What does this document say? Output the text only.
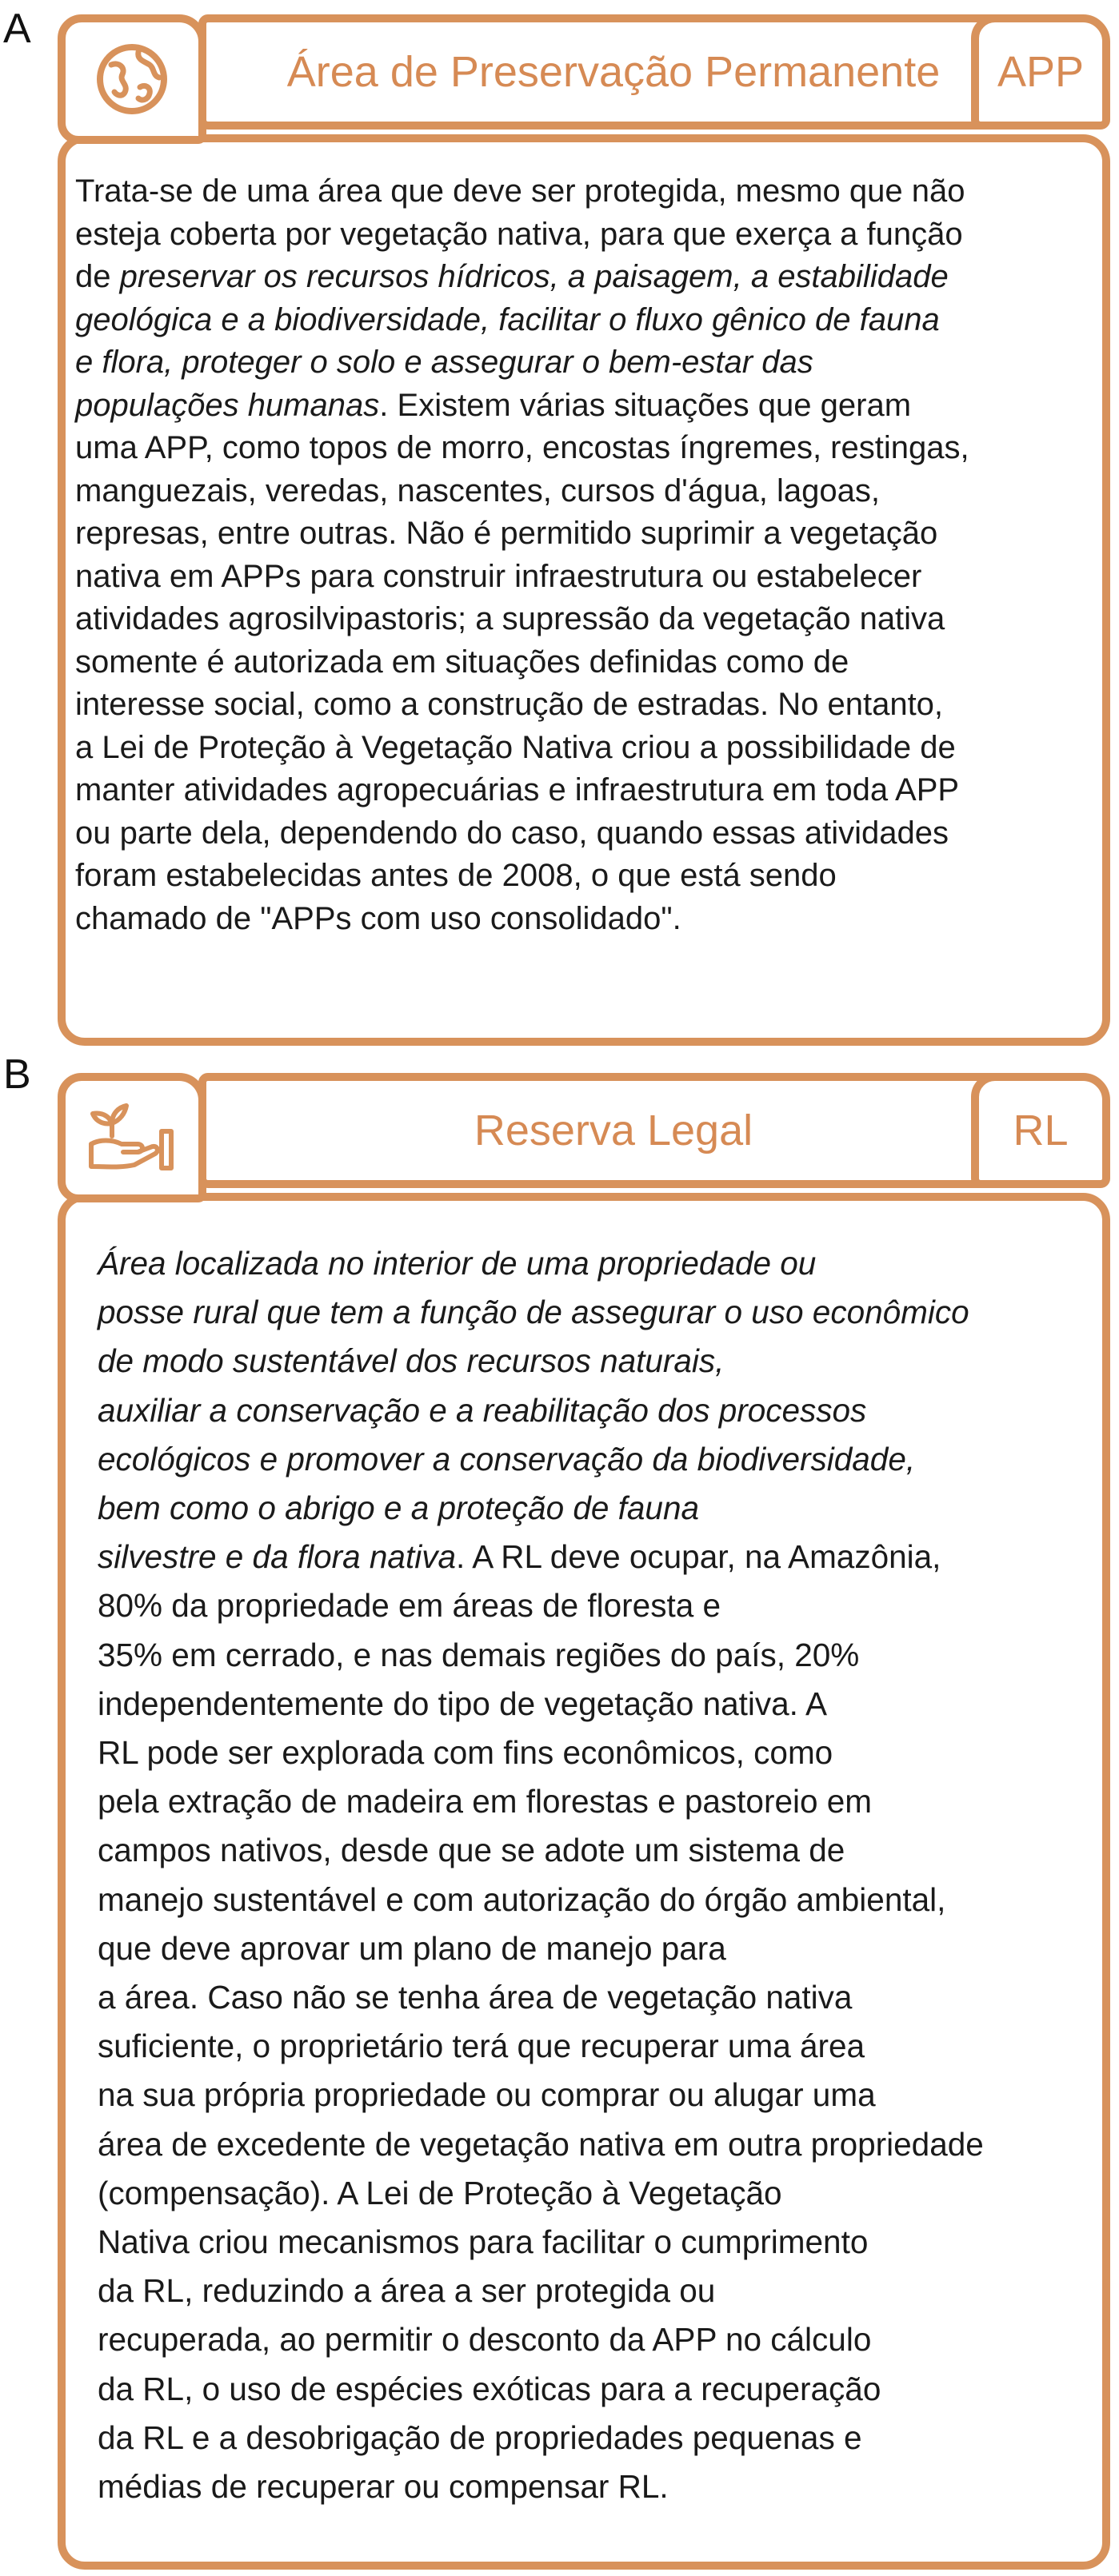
A
Área de Preservação Permanente APP

Trata-se de uma área que deve ser protegida, mesmo que não
esteja coberta por vegetação nativa, para que exerça a função
de preservar os recursos hídricos, a paisagem, a estabilidade
geológica e a biodiversidade, facilitar o fluxo gênico de fauna
e flora, proteger o solo e assegurar o bem-estar das
populações humanas. Existem várias situações que geram
uma APP, como topos de morro, encostas íngremes, restingas,
manguezais, veredas, nascentes, cursos d'água, lagoas,
represas, entre outras. Não é permitido suprimir a vegetação
nativa em APPs para construir infraestrutura ou estabelecer
atividades agrosilvipastoris; a supressão da vegetação nativa
somente é autorizada em situações definidas como de
interesse social, como a construção de estradas. No entanto,
a Lei de Proteção à Vegetação Nativa criou a possibilidade de
manter atividades agropecuárias e infraestrutura em toda APP
ou parte dela, dependendo do caso, quando essas atividades
foram estabelecidas antes de 2008, o que está sendo
chamado de "APPs com uso consolidado".

B
Reserva Legal	RL

Área localizada no interior de uma propriedade ou
posse rural que tem a função de assegurar o uso econômico
de modo sustentável dos recursos naturais,
auxiliar a conservação e a reabilitação dos processos
ecológicos e promover a conservação da biodiversidade,
bem como o abrigo e a proteção de fauna
silvestre e da flora nativa. A RL deve ocupar, na Amazônia,
80% da propriedade em áreas de floresta e
35% em cerrado, e nas demais regiões do país, 20%
independentemente do tipo de vegetação nativa. A
RL pode ser explorada com fins econômicos, como
pela extração de madeira em florestas e pastoreio em
campos nativos, desde que se adote um sistema de
manejo sustentável e com autorização do órgão ambiental,
que deve aprovar um plano de manejo para
a área. Caso não se tenha área de vegetação nativa
suficiente, o proprietário terá que recuperar uma área
na sua própria propriedade ou comprar ou alugar uma
área de excedente de vegetação nativa em outra propriedade
(compensação). A Lei de Proteção à Vegetação
Nativa criou mecanismos para facilitar o cumprimento
da RL, reduzindo a área a ser protegida ou
recuperada, ao permitir o desconto da APP no cálculo
da RL, o uso de espécies exóticas para a recuperação
da RL e a desobrigação de propriedades pequenas e
médias de recuperar ou compensar RL.
